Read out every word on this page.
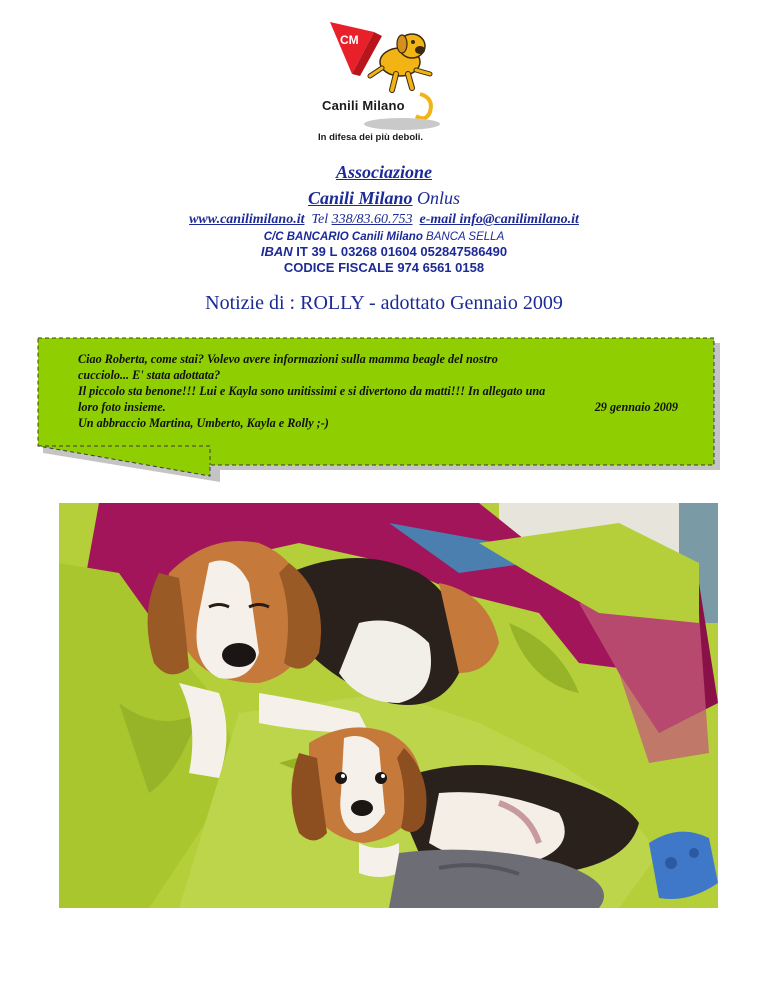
CM
Canili Milano
In difesa dei più deboli.
Associazione
Canili Milano Onlus
www.canilimilano.it Tel 338/83.60.753 e-mail info@canilimilano.it
C/C BANCARIO Canili Milano BANCA SELLA
IBAN IT 39 L 03268 01604 052847586490
CODICE FISCALE 974 6561 0158
Notizie di : ROLLY - adottato Gennaio 2009
Ciao Roberta, come stai? Volevo avere informazioni sulla mamma beagle del nostro
cucciolo... E' stata adottata?
Il piccolo sta benone!!! Lui e Kayla sono unitissimi e si divertono da matti!!! In allegato una
loro foto insieme.
Un abbraccio Martina, Umberto, Kayla e Rolly ;-)
29 gennaio 2009
